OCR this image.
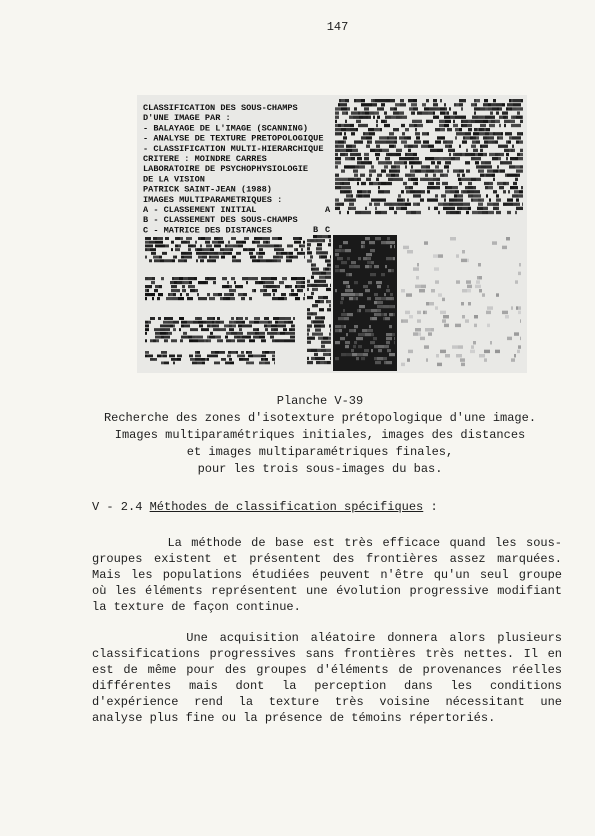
147
CLASSIFICATION DES SOUS-CHAMPS
D'UNE IMAGE PAR :
- BALAYAGE DE L'IMAGE (SCANNING)
- ANALYSE DE TEXTURE PRETOPOLOGIQUE
- CLASSIFICATION MULTI-HIERARCHIQUE
CRITERE : MOINDRE CARRES
LABORATOIRE DE PSYCHOPHYSIOLOGIE
DE LA VISION
PATRICK SAINT-JEAN (1988)
IMAGES MULTIPARAMETRIQUES :
A - CLASSEMENT INITIAL
B - CLASSEMENT DES SOUS-CHAMPS
C - MATRICE DES DISTANCES
A
B C
Planche V-39
Recherche des zones d'isotexture prétopologique d'une image.
Images multiparamétriques initiales, images des distances
et images multiparamétriques finales,
pour les trois sous-images du bas.
V - 2.4 Méthodes de classification spécifiques :
La méthode de base est très efficace quand les sous-
groupes existent et présentent des frontières assez marquées.
Mais les populations étudiées peuvent n'être qu'un seul groupe
où les éléments représentent une évolution progressive modifiant
la texture de façon continue.
Une acquisition aléatoire donnera alors plusieurs
classifications progressives sans frontières très nettes. Il en
est de même pour des groupes d'éléments de provenances réelles
différentes mais dont la perception dans les conditions
d'expérience rend la texture très voisine nécessitant une
analyse plus fine ou la présence de témoins répertoriés.
